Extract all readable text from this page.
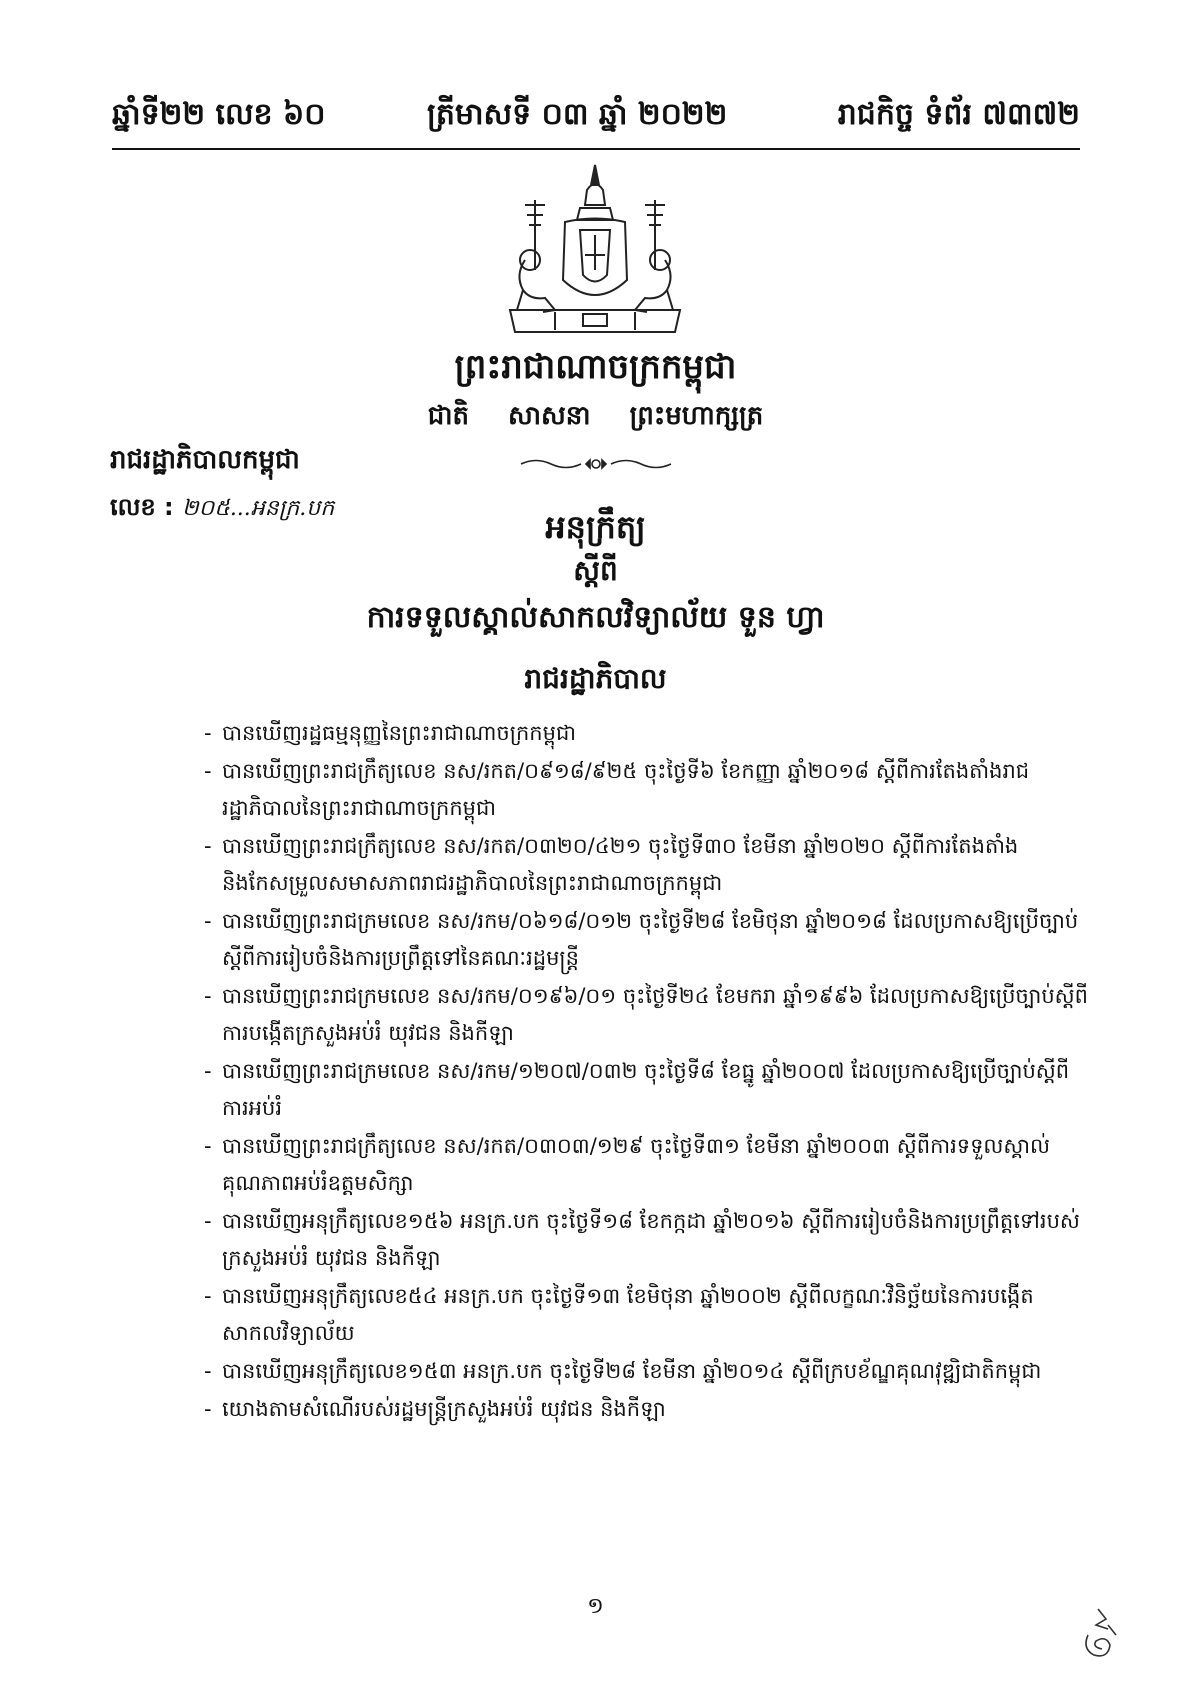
ឆ្នាំទី២២ លេខ ៦០	ត្រីមាសទី ០៣ ឆ្នាំ ២០២២	រាជកិច្ច ទំព័រ ៧៣៧២
ព្រះរាជាណាចក្រកម្ពុជា
ជាតិ សាសនា ព្រះមហាក្សត្រ
រាជរដ្ឋាភិបាលកម្ពុជា
លេខ : ២០៥...អនក្រ.បក	អនុក្រឹត្យ
ស្តីពី
ការទទួលស្គាល់សាកលវិទ្យាល័យ ទួន ហ្វា
រាជរដ្ឋាភិបាល
- បានឃើញរដ្ឋធម្មនុញ្ញនៃព្រះរាជាណាចក្រកម្ពុជា
- បានឃើញព្រះរាជក្រឹត្យលេខ នស/រកត/០៩១៨/៩២៥ ចុះថ្ងៃទី៦ ខែកញ្ញា ឆ្នាំ២០១៨ ស្តីពីការតែងតាំងរាជរដ្ឋាភិបាលនៃព្រះរាជាណាចក្រកម្ពុជា
- បានឃើញព្រះរាជក្រឹត្យលេខ នស/រកត/០៣២០/៤២១ ចុះថ្ងៃទី៣០ ខែមីនា ឆ្នាំ២០២០ ស្តីពីការតែងតាំង និងកែសម្រួលសមាសភាពរាជរដ្ឋាភិបាលនៃព្រះរាជាណាចក្រកម្ពុជា
- បានឃើញព្រះរាជក្រមលេខ នស/រកម/០៦១៨/០១២ ចុះថ្ងៃទី២៨ ខែមិថុនា ឆ្នាំ២០១៨ ដែលប្រកាសឱ្យប្រើច្បាប់ស្តីពីការរៀបចំនិងការប្រព្រឹត្តទៅនៃគណៈរដ្ឋមន្ត្រី
- បានឃើញព្រះរាជក្រមលេខ នស/រកម/០១៩៦/០១ ចុះថ្ងៃទី២៤ ខែមករា ឆ្នាំ១៩៩៦ ដែលប្រកាសឱ្យប្រើច្បាប់ស្តីពីការបង្កើតក្រសួងអប់រំ យុវជន និងកីឡា
- បានឃើញព្រះរាជក្រមលេខ នស/រកម/១២០៧/០៣២ ចុះថ្ងៃទី៨ ខែធ្នូ ឆ្នាំ២០០៧ ដែលប្រកាសឱ្យប្រើច្បាប់ស្តីពីការអប់រំ
- បានឃើញព្រះរាជក្រឹត្យលេខ នស/រកត/០៣០៣/១២៩ ចុះថ្ងៃទី៣១ ខែមីនា ឆ្នាំ២០០៣ ស្តីពីការទទួលស្គាល់គុណភាពអប់រំឧត្តមសិក្សា
- បានឃើញអនុក្រឹត្យលេខ១៥៦ អនក្រ.បក ចុះថ្ងៃទី១៨ ខែកក្កដា ឆ្នាំ២០១៦ ស្តីពីការរៀបចំនិងការប្រព្រឹត្តទៅរបស់ក្រសួងអប់រំ យុវជន និងកីឡា
- បានឃើញអនុក្រឹត្យលេខ៥៤ អនក្រ.បក ចុះថ្ងៃទី១៣ ខែមិថុនា ឆ្នាំ២០០២ ស្តីពីលក្ខណៈវិនិច្ឆ័យនៃការបង្កើតសាកលវិទ្យាល័យ
- បានឃើញអនុក្រឹត្យលេខ១៥៣ អនក្រ.បក ចុះថ្ងៃទី២៨ ខែមីនា ឆ្នាំ២០១៤ ស្តីពីក្របខ័ណ្ឌគុណវុឌ្ឍិជាតិកម្ពុជា
- យោងតាមសំណើរបស់រដ្ឋមន្ត្រីក្រសួងអប់រំ យុវជន និងកីឡា
១
